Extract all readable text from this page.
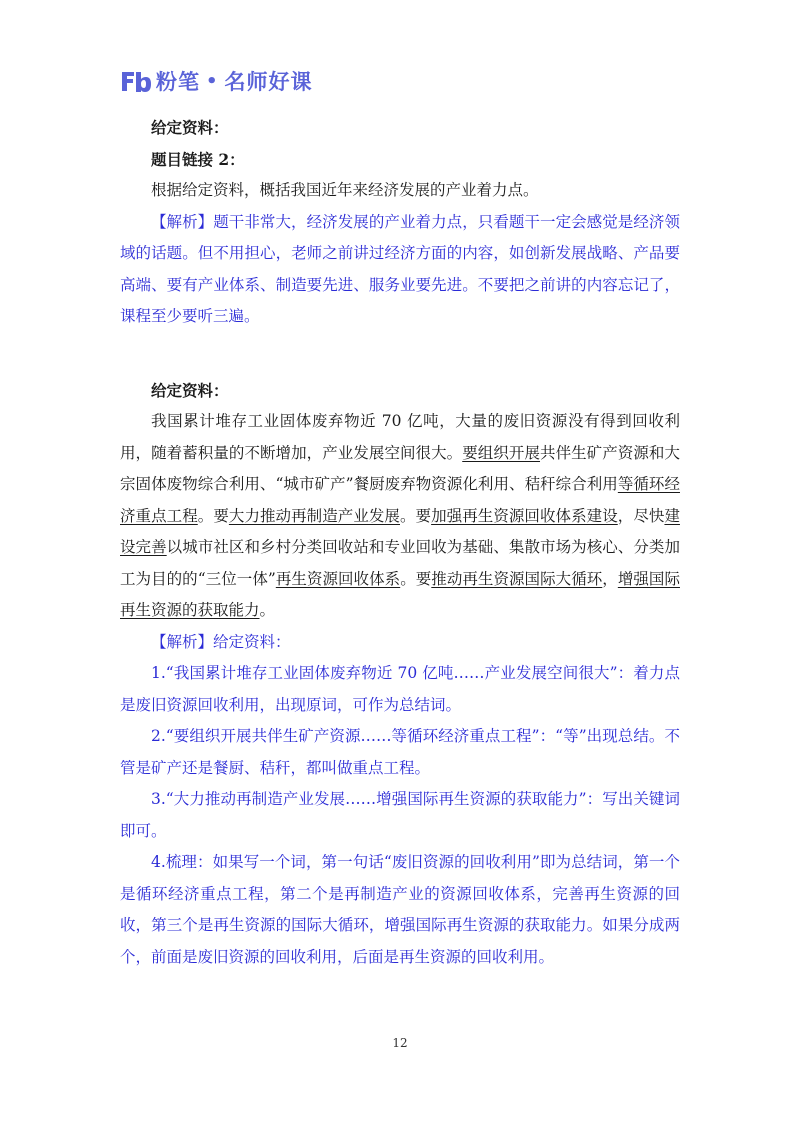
粉笔 • 名师好课

给定资料：

题目链接 2：

根据给定资料，概括我国近年来经济发展的产业着力点。

【解析】题干非常大，经济发展的产业着力点，只看题干一定会感觉是经济领域的话题。但不用担心，老师之前讲过经济方面的内容，如创新发展战略、产品要高端、要有产业体系、制造要先进、服务业要先进。不要把之前讲的内容忘记了，课程至少要听三遍。

给定资料：

我国累计堆存工业固体废弃物近 70 亿吨，大量的废旧资源没有得到回收利用，随着蓄积量的不断增加，产业发展空间很大。要组织开展共伴生矿产资源和大宗固体废物综合利用、“城市矿产”餐厨废弃物资源化利用、秸秆综合利用等循环经济重点工程。要大力推动再制造产业发展。要加强再生资源回收体系建设，尽快建设完善以城市社区和乡村分类回收站和专业回收为基础、集散市场为核心、分类加工为目的的“三位一体”再生资源回收体系。要推动再生资源国际大循环，增强国际再生资源的获取能力。

【解析】给定资料：

1.“我国累计堆存工业固体废弃物近 70 亿吨……产业发展空间很大”：着力点是废旧资源回收利用，出现原词，可作为总结词。

2.“要组织开展共伴生矿产资源……等循环经济重点工程”：“等”出现总结。不管是矿产还是餐厨、秸秆，都叫做重点工程。

3.“大力推动再制造产业发展……增强国际再生资源的获取能力”：写出关键词即可。

4.梳理：如果写一个词，第一句话“废旧资源的回收利用”即为总结词，第一个是循环经济重点工程，第二个是再制造产业的资源回收体系，完善再生资源的回收，第三个是再生资源的国际大循环，增强国际再生资源的获取能力。如果分成两个，前面是废旧资源的回收利用，后面是再生资源的回收利用。

12
